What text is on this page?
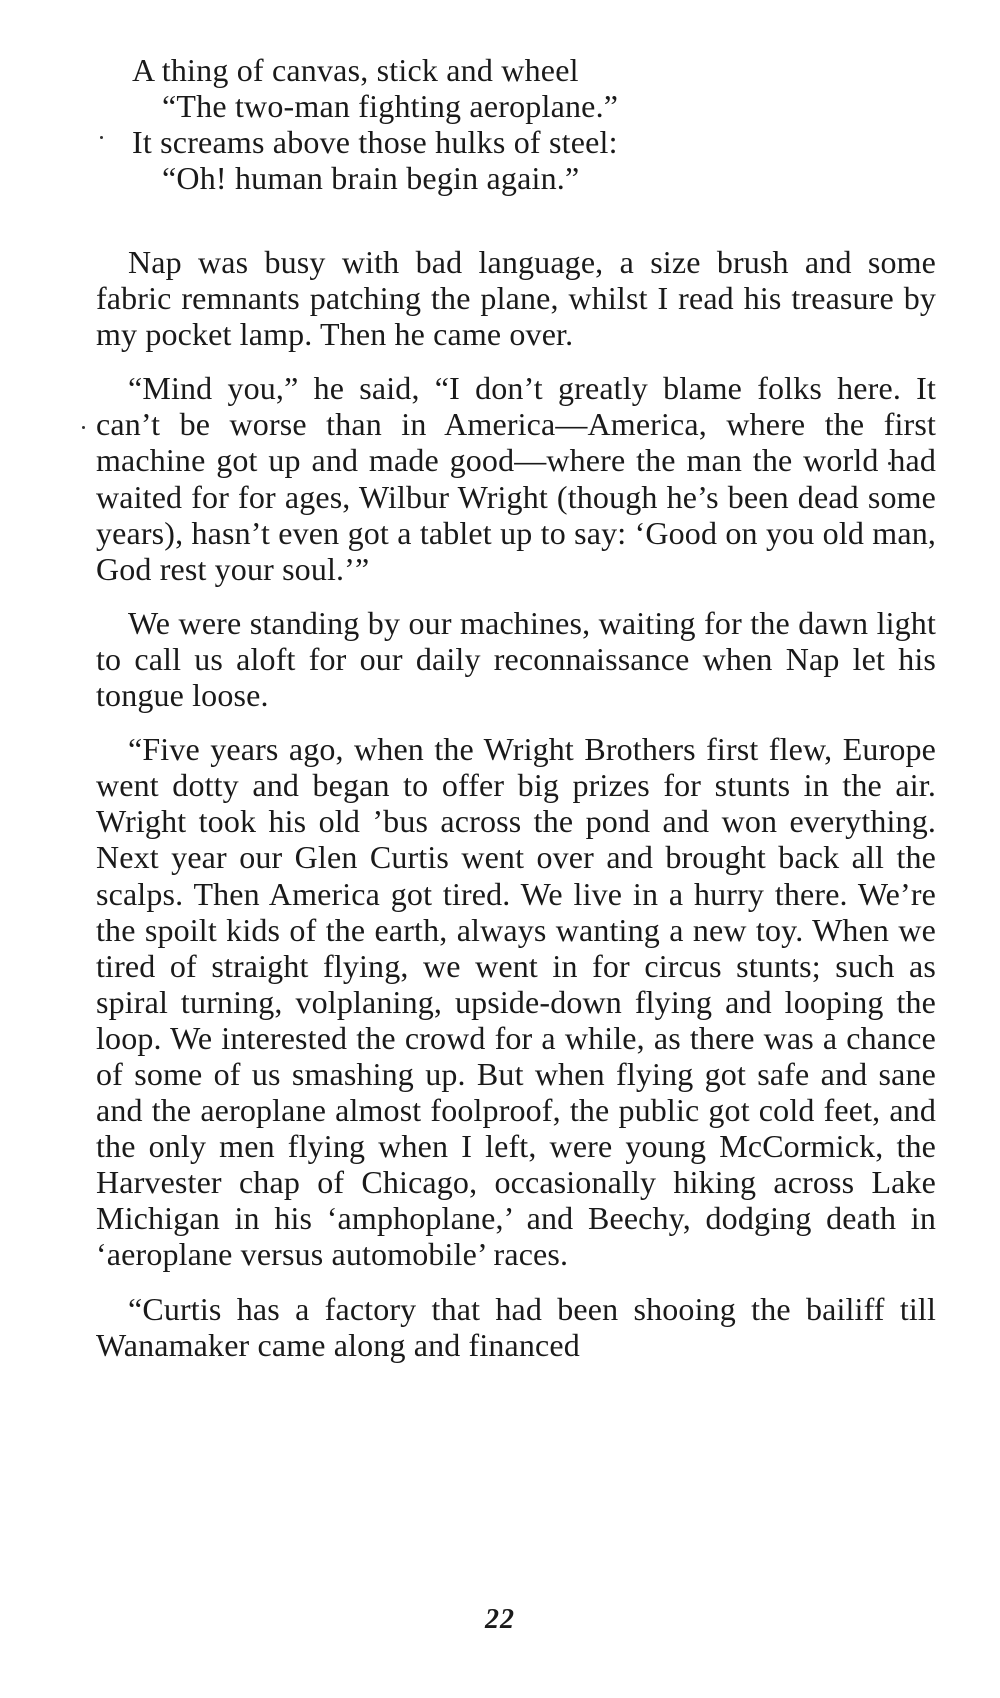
A thing of canvas, stick and wheel
“The two-man fighting aeroplane.”
It screams above those hulks of steel:
“Oh! human brain begin again.”

Nap was busy with bad language, a size brush and some fabric remnants patching the plane, whilst I read his treasure by my pocket lamp. Then he came over.

“Mind you,” he said, “I don’t greatly blame folks here. It can’t be worse than in America—America, where the first machine got up and made good—where the man the world had waited for for ages, Wilbur Wright (though he’s been dead some years), hasn’t even got a tablet up to say: ‘Good on you old man, God rest your soul.’”

We were standing by our machines, waiting for the dawn light to call us aloft for our daily reconnaissance when Nap let his tongue loose.

“Five years ago, when the Wright Brothers first flew, Europe went dotty and began to offer big prizes for stunts in the air. Wright took his old ’bus across the pond and won everything. Next year our Glen Curtis went over and brought back all the scalps. Then America got tired. We live in a hurry there. We’re the spoilt kids of the earth, always wanting a new toy. When we tired of straight flying, we went in for circus stunts; such as spiral turning, volplaning, upside-down flying and looping the loop. We interested the crowd for a while, as there was a chance of some of us smashing up. But when flying got safe and sane and the aeroplane almost foolproof, the public got cold feet, and the only men flying when I left, were young McCormick, the Harvester chap of Chicago, occasionally hiking across Lake Michigan in his ‘amphoplane,’ and Beechy, dodging death in ‘aeroplane versus automobile’ races.

“Curtis has a factory that had been shooing the bailiff till Wanamaker came along and financed

22
